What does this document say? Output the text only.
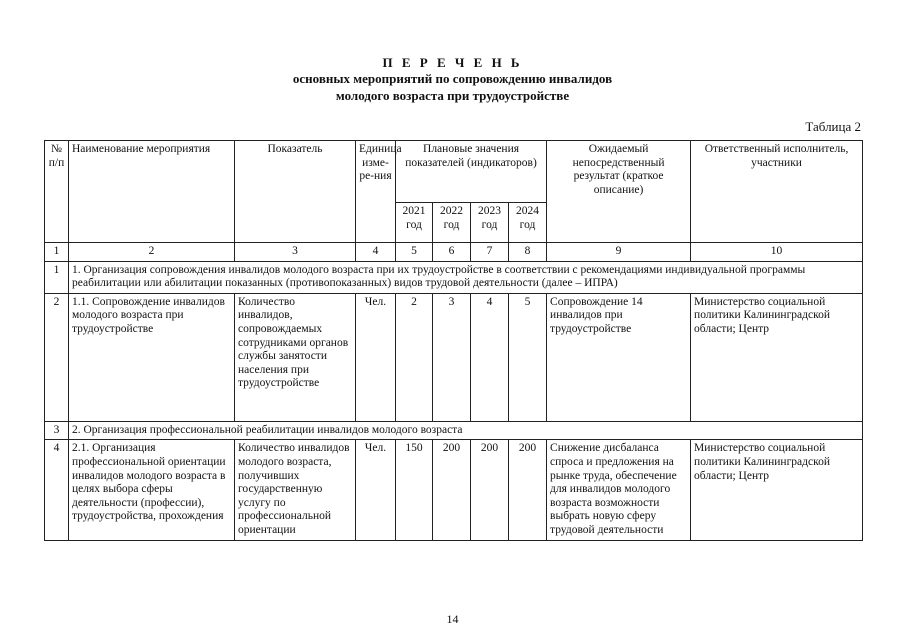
П Е Р Е Ч Е Н Ь
основных мероприятий по сопровождению инвалидов
молодого возраста при трудоустройстве
Таблица 2
№ п/п	Наименование мероприятия	Показатель	Единица изме-ре-ния	Плановые значения показателей (индикаторов)				Ожидаемый непосредственный результат (краткое описание)	Ответственный исполнитель, участники
				2021 год	2022 год	2023 год	2024 год		
1	2	3	4	5	6	7	8	9	10
1	1. Организация сопровождения инвалидов молодого возраста при их трудоустройстве в соответствии с рекомендациями индивидуальной программы реабилитации или абилитации показанных (противопоказанных) видов трудовой деятельности (далее – ИПРА)								
2	1.1. Сопровождение инвалидов молодого возраста при трудоустройстве	Количество инвалидов, сопровождаемых сотрудниками органов службы занятости населения при трудоустройстве	Чел.	2	3	4	5	Сопровождение 14 инвалидов при трудоустройстве	Министерство социальной политики Калининградской области; Центр
3	2. Организация профессиональной реабилитации инвалидов молодого возраста								
4	2.1. Организация профессиональной ориентации инвалидов молодого возраста в целях выбора сферы деятельности (профессии), трудоустройства, прохождения	Количество инвалидов молодого возраста, получивших государственную услугу по профессиональной ориентации	Чел.	150	200	200	200	Снижение дисбаланса спроса и предложения на рынке труда, обеспечение для инвалидов молодого возраста возможности выбрать новую сферу трудовой деятельности	Министерство социальной политики Калининградской области; Центр
14
